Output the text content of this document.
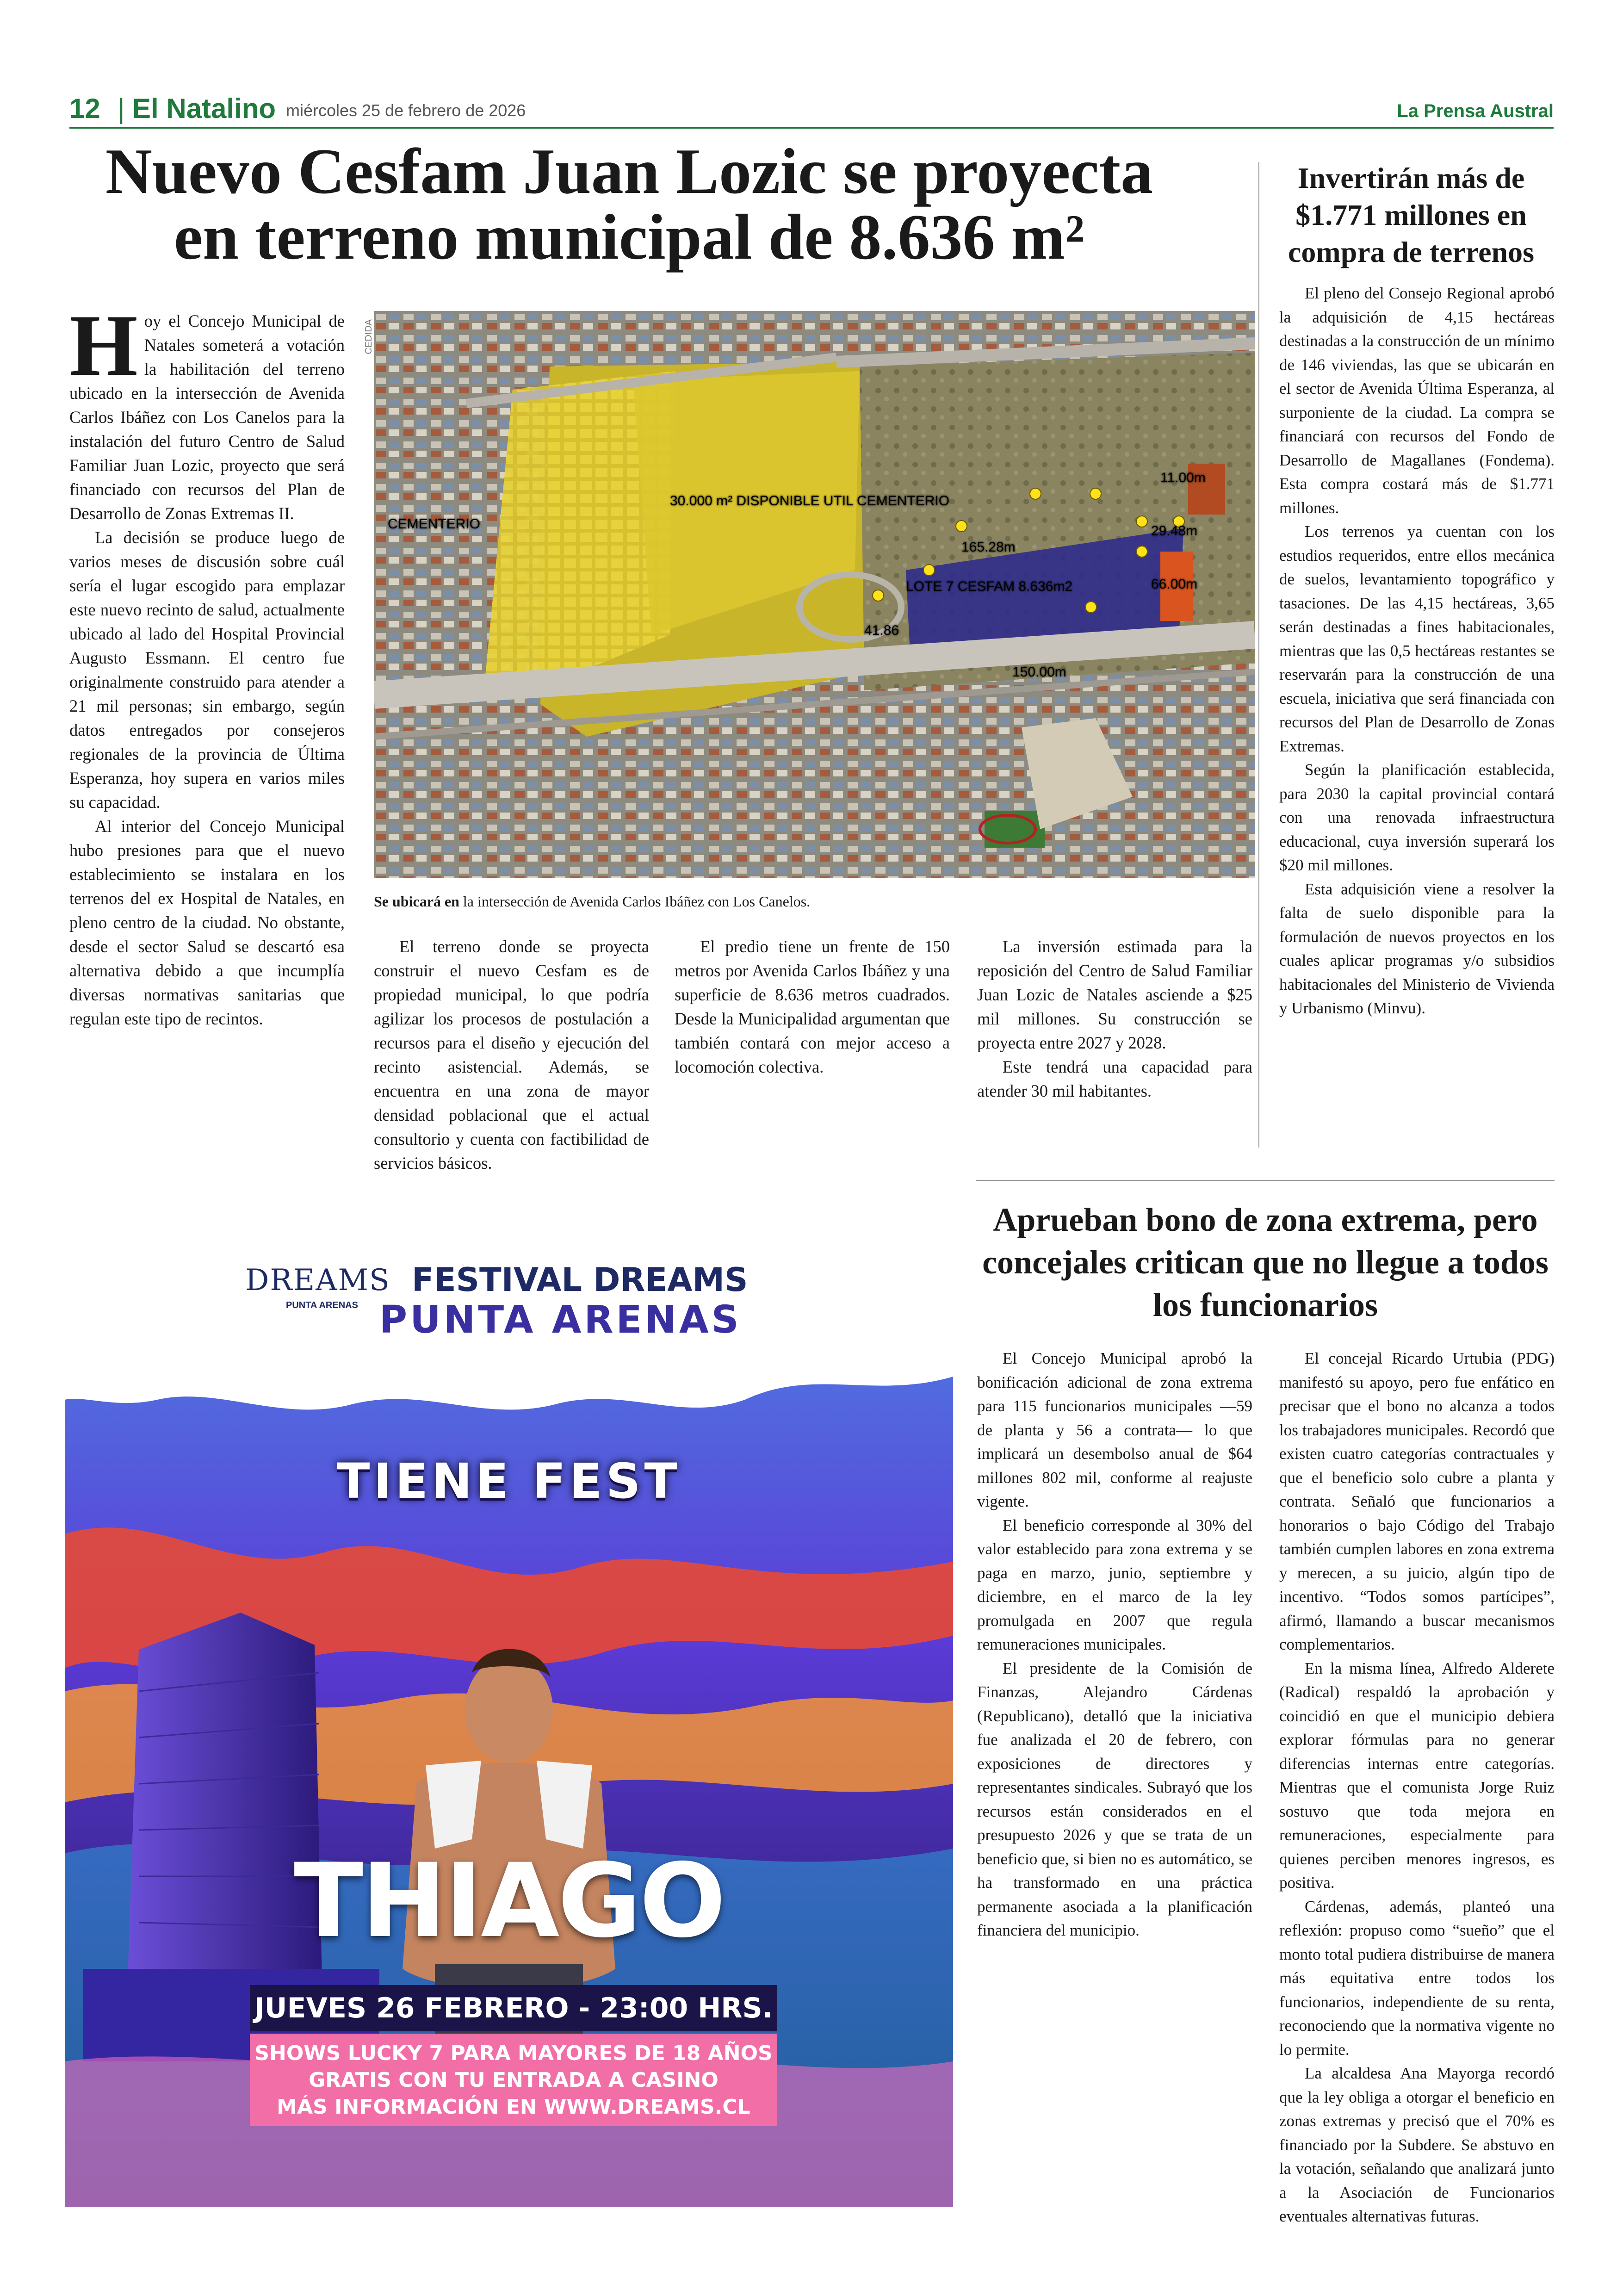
12 | El Natalino miércoles 25 de febrero de 2026	La Prensa Austral
Nuevo Cesfam Juan Lozic se proyecta
en terreno municipal de 8.636 m²
Invertirán más de $1.771 millones en compra de terrenos

Hoy el Concejo Municipal de Natales someterá a votación la habilitación del terreno ubicado en la intersección de Avenida Carlos Ibáñez con Los Canelos para la instalación del futuro Centro de Salud Familiar Juan Lozic, proyecto que será financiado con recursos del Plan de Desarrollo de Zonas Extremas II.

La decisión se produce luego de varios meses de discusión sobre cuál sería el lugar escogido para emplazar este nuevo recinto de salud, actualmente ubicado al lado del Hospital Provincial Augusto Essmann. El centro fue originalmente construido para atender a 21 mil personas; sin embargo, según datos entregados por consejeros regionales de la provincia de Última Esperanza, hoy supera en varios miles su capacidad.

Al interior del Concejo Municipal hubo presiones para que el nuevo establecimiento se instalara en los terrenos del ex Hospital de Natales, en pleno centro de la ciudad. No obstante, desde el sector Salud se descartó esa alternativa debido a que incumplía diversas normativas sanitarias que regulan este tipo de recintos.

CEDIDA
30.000 m² DISPONIBLE UTIL CEMENTERIO
CEMENTERIO
LOTE 7 CESFAM 8.636m2
165.28m
29.48m
66.00m
41.86
150.00m
11.00m
Se ubicará en la intersección de Avenida Carlos Ibáñez con Los Canelos.

El terreno donde se proyecta construir el nuevo Cesfam es de propiedad municipal, lo que podría agilizar los procesos de postulación a recursos para el diseño y ejecución del recinto asistencial. Además, se encuentra en una zona de mayor densidad poblacional que el actual consultorio y cuenta con factibilidad de servicios básicos.

El predio tiene un frente de 150 metros por Avenida Carlos Ibáñez y una superficie de 8.636 metros cuadrados. Desde la Municipalidad argumentan que también contará con mejor acceso a locomoción colectiva.

La inversión estimada para la reposición del Centro de Salud Familiar Juan Lozic de Natales asciende a $25 mil millones. Su construcción se proyecta entre 2027 y 2028.

Este tendrá una capacidad para atender 30 mil habitantes.

El pleno del Consejo Regional aprobó la adquisición de 4,15 hectáreas destinadas a la construcción de un mínimo de 146 viviendas, las que se ubicarán en el sector de Avenida Última Esperanza, al surponiente de la ciudad. La compra se financiará con recursos del Fondo de Desarrollo de Magallanes (Fondema). Esta compra costará más de $1.771 millones.

Los terrenos ya cuentan con los estudios requeridos, entre ellos mecánica de suelos, levantamiento topográfico y tasaciones. De las 4,15 hectáreas, 3,65 serán destinadas a fines habitacionales, mientras que las 0,5 hectáreas restantes se reservarán para la construcción de una escuela, iniciativa que será financiada con recursos del Plan de Desarrollo de Zonas Extremas.

Según la planificación establecida, para 2030 la capital provincial contará con una renovada infraestructura educacional, cuya inversión superará los $20 mil millones.

Esta adquisición viene a resolver la falta de suelo disponible para la formulación de nuevos proyectos en los cuales aplicar programas y/o subsidios habitacionales del Ministerio de Vivienda y Urbanismo (Minvu).

Aprueban bono de zona extrema, pero concejales critican que no llegue a todos los funcionarios

El Concejo Municipal aprobó la bonificación adicional de zona extrema para 115 funcionarios municipales —59 de planta y 56 a contrata— lo que implicará un desembolso anual de $64 millones 802 mil, conforme al reajuste vigente.

El beneficio corresponde al 30% del valor establecido para zona extrema y se paga en marzo, junio, septiembre y diciembre, en el marco de la ley promulgada en 2007 que regula remuneraciones municipales.

El presidente de la Comisión de Finanzas, Alejandro Cárdenas (Republicano), detalló que la iniciativa fue analizada el 20 de febrero, con exposiciones de directores y representantes sindicales. Subrayó que los recursos están considerados en el presupuesto 2026 y que se trata de un beneficio que, si bien no es automático, se ha transformado en una práctica permanente asociada a la planificación financiera del municipio.

El concejal Ricardo Urtubia (PDG) manifestó su apoyo, pero fue enfático en precisar que el bono no alcanza a todos los trabajadores municipales. Recordó que existen cuatro categorías contractuales y que el beneficio solo cubre a planta y contrata. Señaló que funcionarios a honorarios o bajo Código del Trabajo también cumplen labores en zona extrema y merecen, a su juicio, algún tipo de incentivo. “Todos somos partícipes”, afirmó, llamando a buscar mecanismos complementarios.

En la misma línea, Alfredo Alderete (Radical) respaldó la aprobación y coincidió en que el municipio debiera explorar fórmulas para no generar diferencias internas entre categorías. Mientras que el comunista Jorge Ruiz sostuvo que toda mejora en remuneraciones, especialmente para quienes perciben menores ingresos, es positiva.

Cárdenas, además, planteó una reflexión: propuso como “sueño” que el monto total pudiera distribuirse de manera más equitativa entre todos los funcionarios, independiente de su renta, reconociendo que la normativa vigente no lo permite.

La alcaldesa Ana Mayorga recordó que la ley obliga a otorgar el beneficio en zonas extremas y precisó que el 70% es financiado por la Subdere. Se abstuvo en la votación, señalando que analizará junto a la Asociación de Funcionarios eventuales alternativas futuras.

DREAMS
PUNTA ARENAS
FESTIVAL DREAMS
PUNTA ARENAS
TIENE FEST
THIAGO
JUEVES 26 FEBRERO - 23:00 HRS.
SHOWS LUCKY 7 PARA MAYORES DE 18 AÑOS
GRATIS CON TU ENTRADA A CASINO
MÁS INFORMACIÓN EN WWW.DREAMS.CL
